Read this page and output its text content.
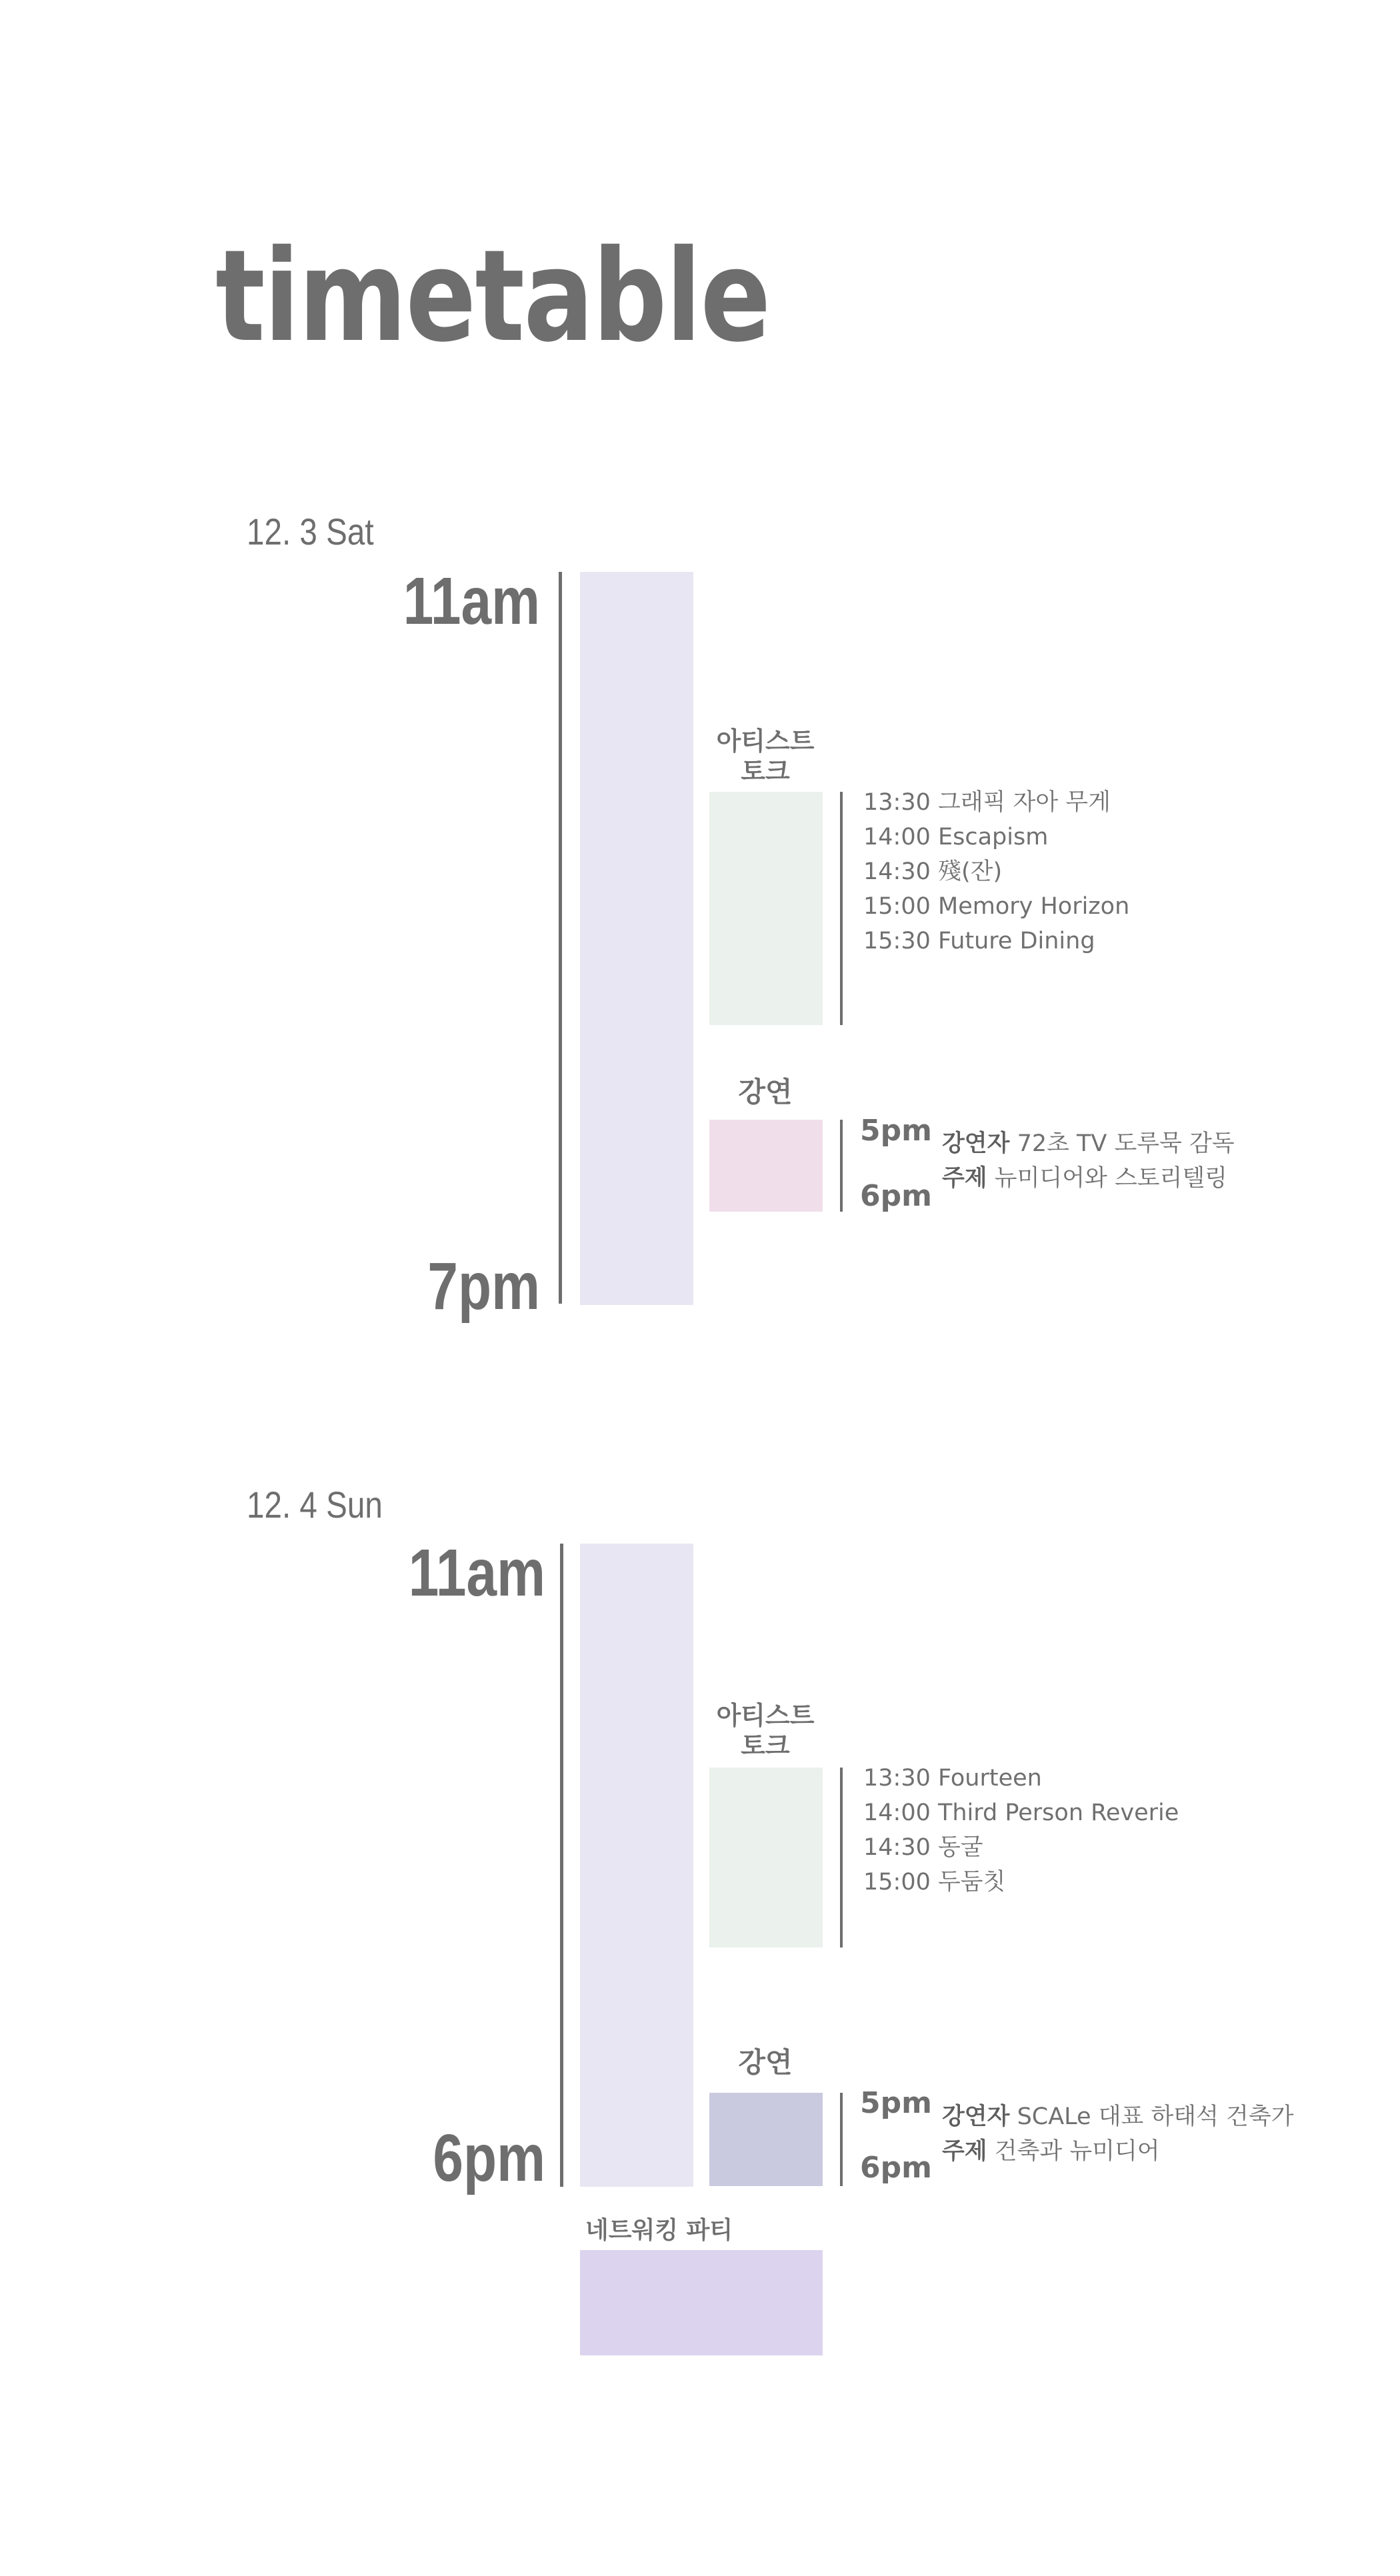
timetable
12. 3 Sat
11am
7pm
아티스트
토크
13:30 그래픽 자아 무게
14:00 Escapism
14:30 殘(잔)
15:00 Memory Horizon
15:30 Future Dining
강연
5pm
6pm
강연자 72초 TV 도루묵 감독
주제 뉴미디어와 스토리텔링
12. 4 Sun
11am
6pm
아티스트
토크
13:30 Fourteen
14:00 Third Person Reverie
14:30 동굴
15:00 두둠칫
강연
5pm
6pm
강연자 SCALe 대표 하태석 건축가
주제 건축과 뉴미디어
네트워킹 파티
